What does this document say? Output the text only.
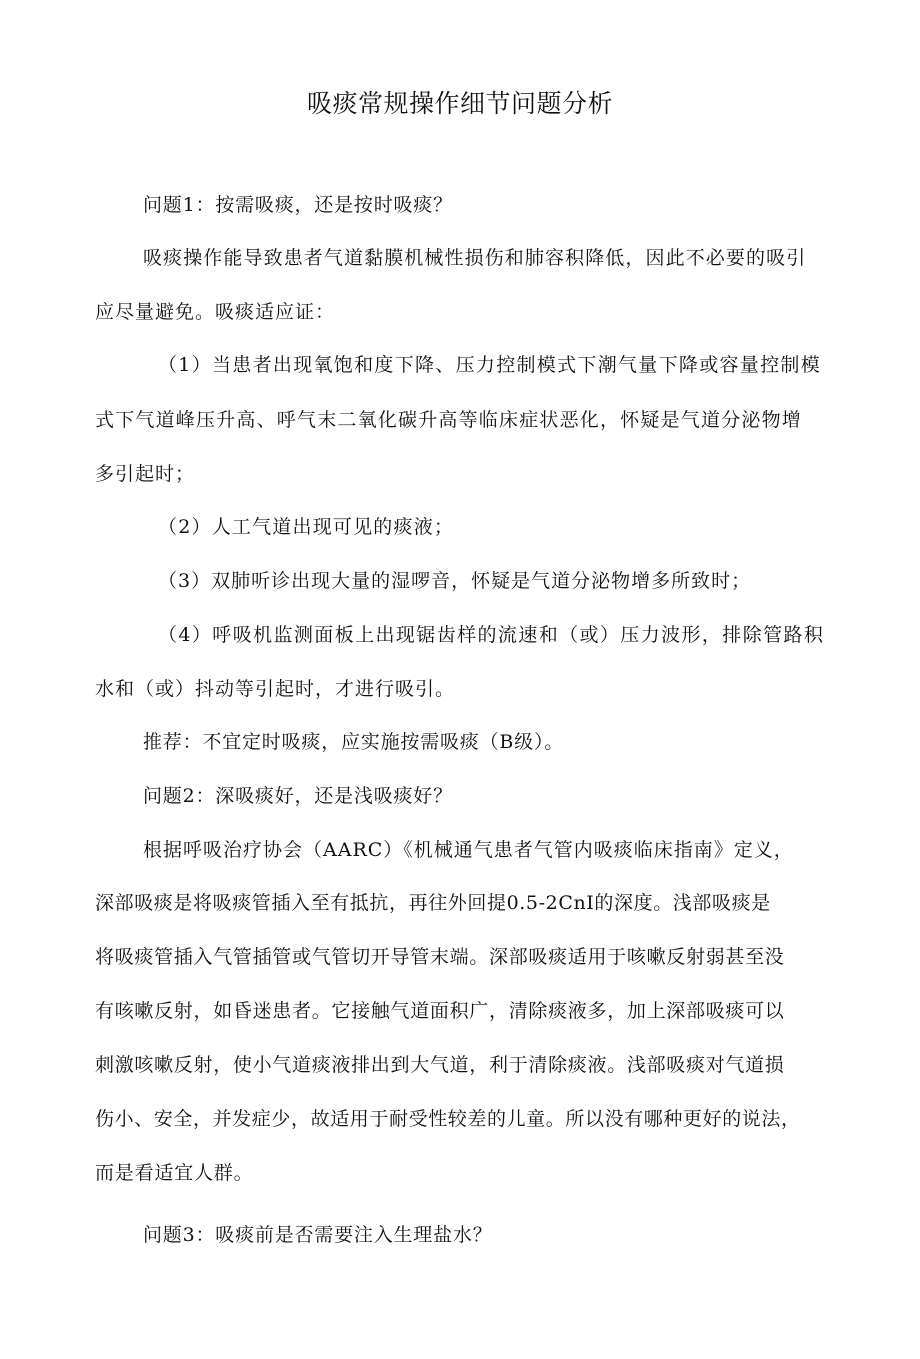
吸痰常规操作细节问题分析
问题1：按需吸痰，还是按时吸痰？
吸痰操作能导致患者气道黏膜机械性损伤和肺容积降低，因此不必要的吸引
应尽量避免。吸痰适应证：
（1）当患者出现氧饱和度下降、压力控制模式下潮气量下降或容量控制模
式下气道峰压升高、呼气末二氧化碳升高等临床症状恶化，怀疑是气道分泌物增
多引起时；
（2）人工气道出现可见的痰液；
（3）双肺听诊出现大量的湿啰音，怀疑是气道分泌物增多所致时；
（4）呼吸机监测面板上出现锯齿样的流速和（或）压力波形，排除管路积
水和（或）抖动等引起时，才进行吸引。
推荐：不宜定时吸痰，应实施按需吸痰（B级）。
问题2：深吸痰好，还是浅吸痰好？
根据呼吸治疗协会（AARC）《机械通气患者气管内吸痰临床指南》定义，
深部吸痰是将吸痰管插入至有抵抗，再往外回提0.5-2CnI的深度。浅部吸痰是
将吸痰管插入气管插管或气管切开导管末端。深部吸痰适用于咳嗽反射弱甚至没
有咳嗽反射，如昏迷患者。它接触气道面积广，清除痰液多，加上深部吸痰可以
刺激咳嗽反射，使小气道痰液排出到大气道，利于清除痰液。浅部吸痰对气道损
伤小、安全，并发症少，故适用于耐受性较差的儿童。所以没有哪种更好的说法，
而是看适宜人群。
问题3：吸痰前是否需要注入生理盐水？
